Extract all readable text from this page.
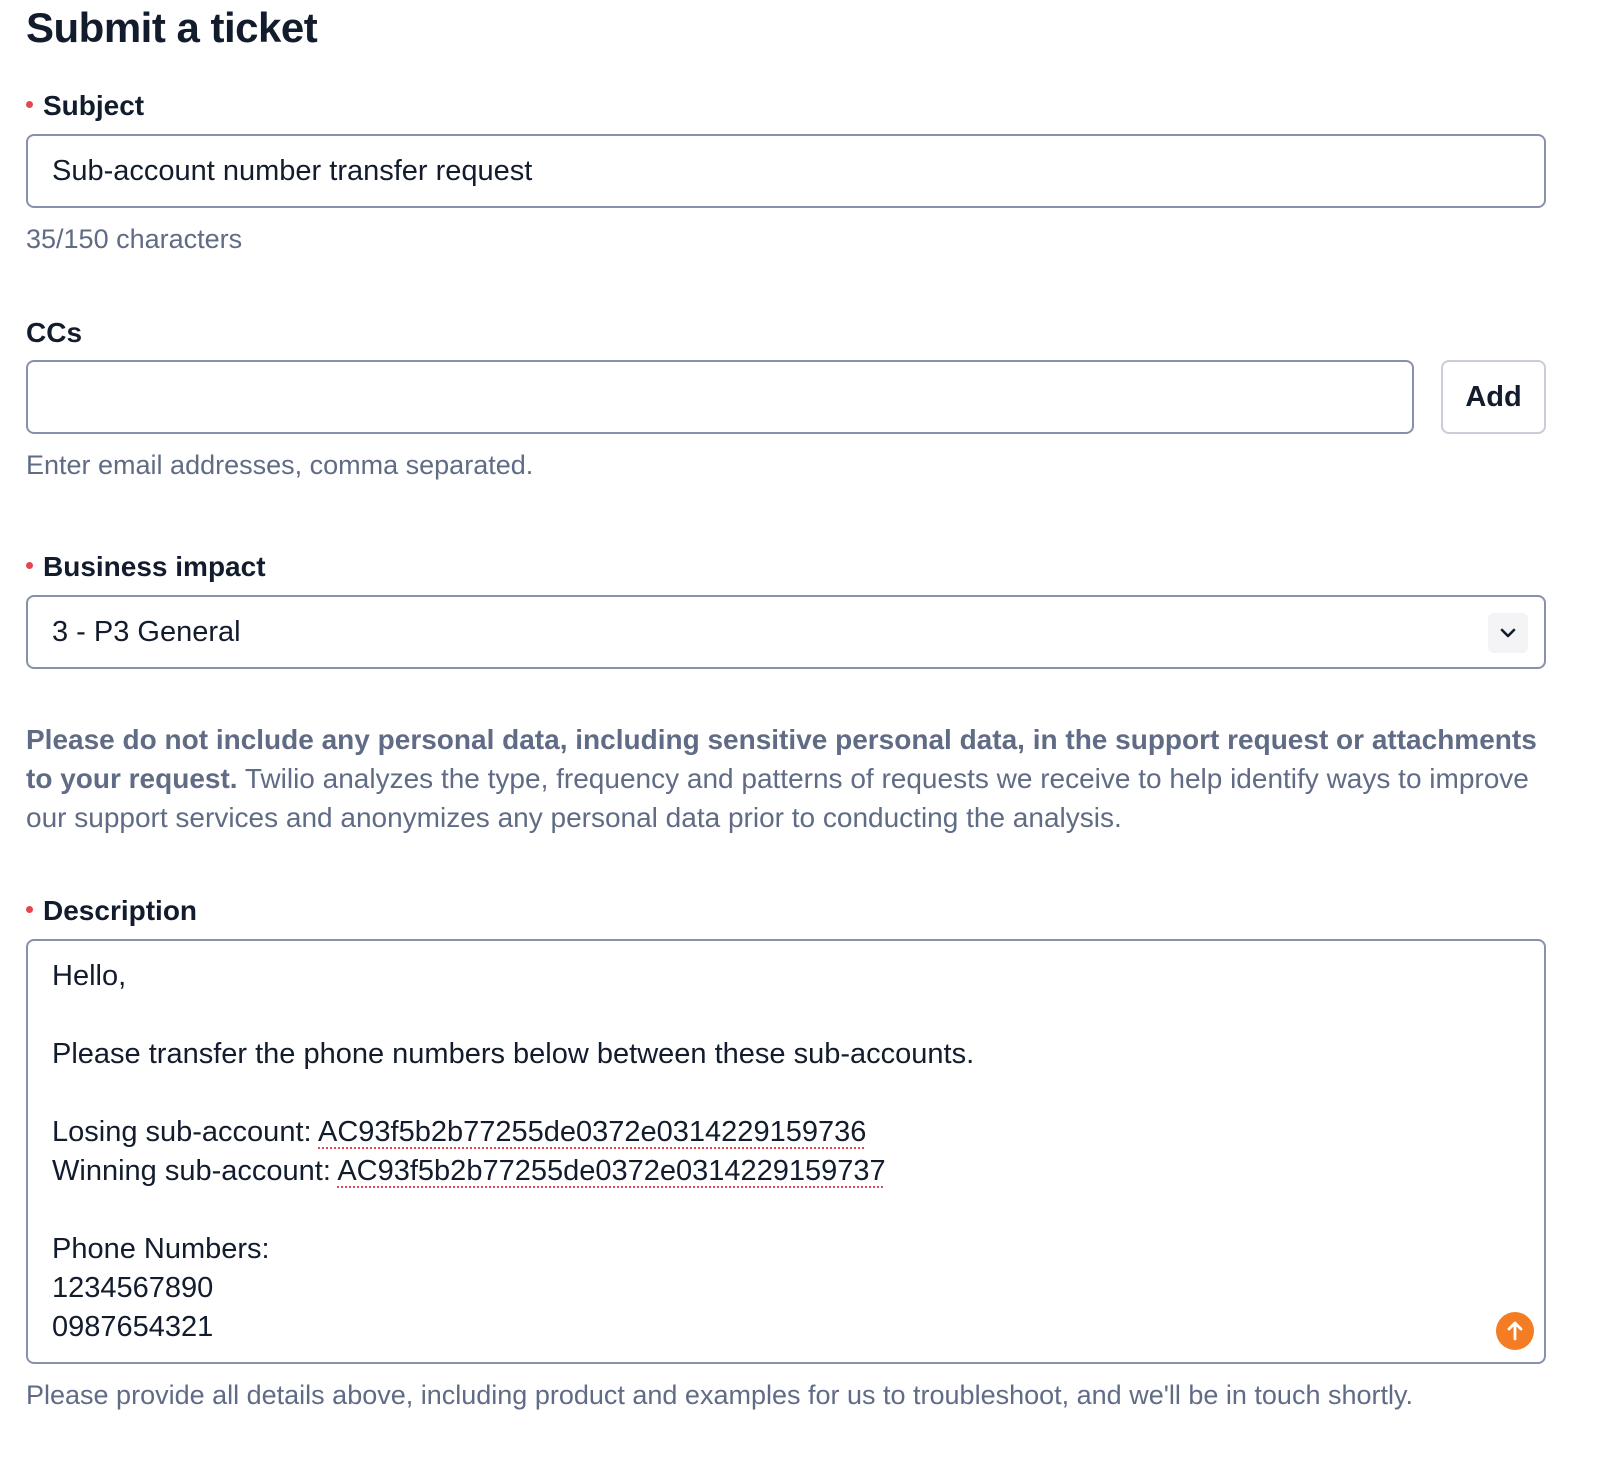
Submit a ticket
Subject
Sub-account number transfer request
35/150 characters
CCs
Add
Enter email addresses, comma separated.
Business impact
3 - P3 General

Please do not include any personal data, including sensitive personal data, in the support request or attachments to your request. Twilio analyzes the type, frequency and patterns of requests we receive to help identify ways to improve our support services and anonymizes any personal data prior to conducting the analysis.

Description
Hello,
Please transfer the phone numbers below between these sub-accounts.
Losing sub-account: AC93f5b2b77255de0372e0314229159736
Winning sub-account: AC93f5b2b77255de0372e0314229159737
Phone Numbers:
1234567890
0987654321
Please provide all details above, including product and examples for us to troubleshoot, and we'll be in touch shortly.
